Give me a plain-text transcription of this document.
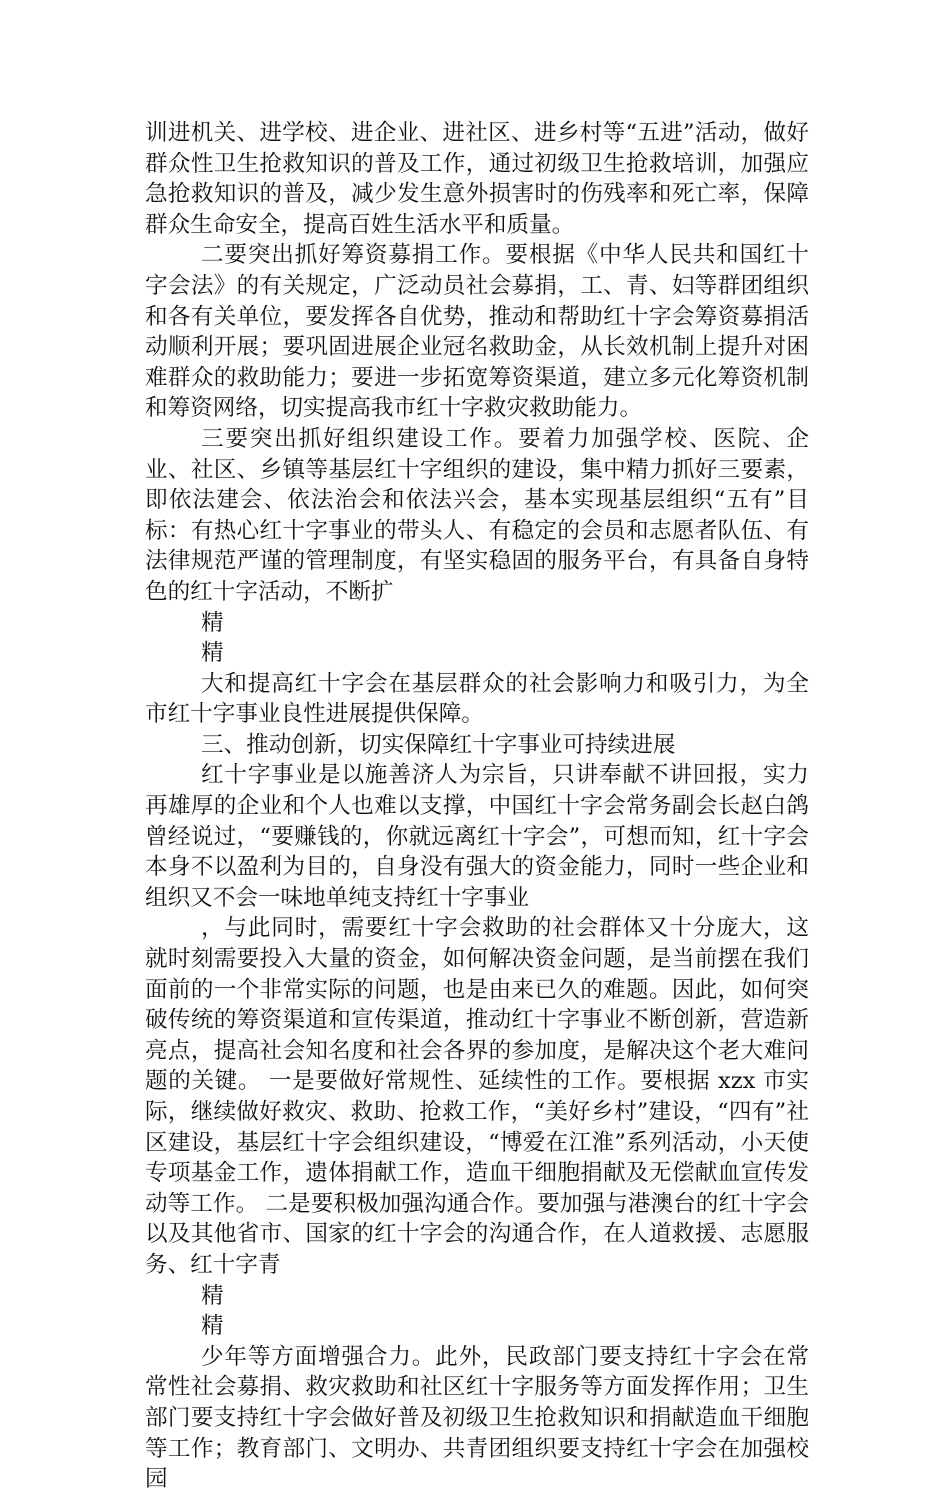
训进机关、进学校、进企业、进社区、进乡村等“五进”活动，做好群众性卫生抢救知识的普及工作，通过初级卫生抢救培训，加强应急抢救知识的普及，减少发生意外损害时的伤残率和死亡率，保障群众生命安全，提高百姓生活水平和质量。

二要突出抓好筹资募捐工作。要根据《中华人民共和国红十字会法》的有关规定，广泛动员社会募捐，工、青、妇等群团组织和各有关单位，要发挥各自优势，推动和帮助红十字会筹资募捐活动顺利开展；要巩固进展企业冠名救助金，从长效机制上提升对困难群众的救助能力；要进一步拓宽筹资渠道，建立多元化筹资机制和筹资网络，切实提高我市红十字救灾救助能力。

三要突出抓好组织建设工作。要着力加强学校、医院、企业、社区、乡镇等基层红十字组织的建设，集中精力抓好三要素，即依法建会、依法治会和依法兴会，基本实现基层组织“五有”目标：有热心红十字事业的带头人、有稳定的会员和志愿者队伍、有法律规范严谨的管理制度，有坚实稳固的服务平台，有具备自身特色的红十字活动，不断扩

精

精

大和提高红十字会在基层群众的社会影响力和吸引力，为全市红十字事业良性进展提供保障。

三、推动创新，切实保障红十字事业可持续进展

红十字事业是以施善济人为宗旨，只讲奉献不讲回报，实力再雄厚的企业和个人也难以支撑，中国红十字会常务副会长赵白鸽曾经说过，“要赚钱的，你就远离红十字会”，可想而知，红十字会本身不以盈利为目的，自身没有强大的资金能力，同时一些企业和组织又不会一味地单纯支持红十字事业

，与此同时，需要红十字会救助的社会群体又十分庞大，这就时刻需要投入大量的资金，如何解决资金问题，是当前摆在我们面前的一个非常实际的问题，也是由来已久的难题。因此，如何突破传统的筹资渠道和宣传渠道，推动红十字事业不断创新，营造新亮点，提高社会知名度和社会各界的参加度，是解决这个老大难问题的关键。 一是要做好常规性、延续性的工作。要根据 xzx 市实际，继续做好救灾、救助、抢救工作，“美好乡村”建设，“四有”社区建设，基层红十字会组织建设，“博爱在江淮”系列活动，小天使专项基金工作，遗体捐献工作，造血干细胞捐献及无偿献血宣传发动等工作。 二是要积极加强沟通合作。要加强与港澳台的红十字会以及其他省市、国家的红十字会的沟通合作，在人道救援、志愿服务、红十字青

精

精

少年等方面增强合力。此外，民政部门要支持红十字会在常常性社会募捐、救灾救助和社区红十字服务等方面发挥作用；卫生部门要支持红十字会做好普及初级卫生抢救知识和捐献造血干细胞等工作；教育部门、文明办、共青团组织要支持红十字会在加强校园
